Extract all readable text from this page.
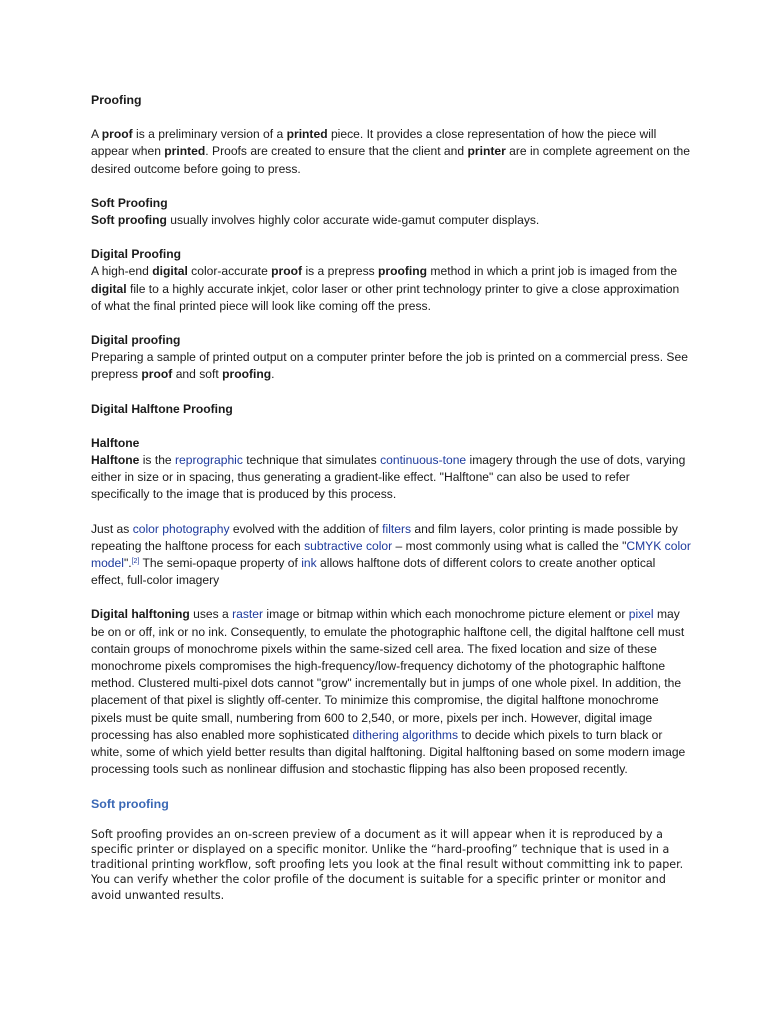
Proofing

A proof is a preliminary version of a printed piece. It provides a close representation of how the piece will appear when printed. Proofs are created to ensure that the client and printer are in complete agreement on the desired outcome before going to press.

Soft Proofing

Soft proofing usually involves highly color accurate wide-gamut computer displays.

Digital Proofing

A high-end digital color-accurate proof is a prepress proofing method in which a print job is imaged from the digital file to a highly accurate inkjet, color laser or other print technology printer to give a close approximation of what the final printed piece will look like coming off the press.

Digital proofing

Preparing a sample of printed output on a computer printer before the job is printed on a commercial press. See prepress proof and soft proofing.

Digital Halftone Proofing

Halftone

Halftone is the reprographic technique that simulates continuous-tone imagery through the use of dots, varying either in size or in spacing, thus generating a gradient-like effect. "Halftone" can also be used to refer specifically to the image that is produced by this process.

Just as color photography evolved with the addition of filters and film layers, color printing is made possible by repeating the halftone process for each subtractive color – most commonly using what is called the "CMYK color model".[2] The semi-opaque property of ink allows halftone dots of different colors to create another optical effect, full-color imagery

Digital halftoning uses a raster image or bitmap within which each monochrome picture element or pixel may be on or off, ink or no ink. Consequently, to emulate the photographic halftone cell, the digital halftone cell must contain groups of monochrome pixels within the same-sized cell area. The fixed location and size of these monochrome pixels compromises the high-frequency/low-frequency dichotomy of the photographic halftone method. Clustered multi-pixel dots cannot "grow" incrementally but in jumps of one whole pixel. In addition, the placement of that pixel is slightly off-center. To minimize this compromise, the digital halftone monochrome pixels must be quite small, numbering from 600 to 2,540, or more, pixels per inch. However, digital image processing has also enabled more sophisticated dithering algorithms to decide which pixels to turn black or white, some of which yield better results than digital halftoning. Digital halftoning based on some modern image processing tools such as nonlinear diffusion and stochastic flipping has also been proposed recently.

Soft proofing

Soft proofing provides an on-screen preview of a document as it will appear when it is reproduced by a specific printer or displayed on a specific monitor. Unlike the “hard-proofing” technique that is used in a traditional printing workflow, soft proofing lets you look at the final result without committing ink to paper. You can verify whether the color profile of the document is suitable for a specific printer or monitor and avoid unwanted results.
